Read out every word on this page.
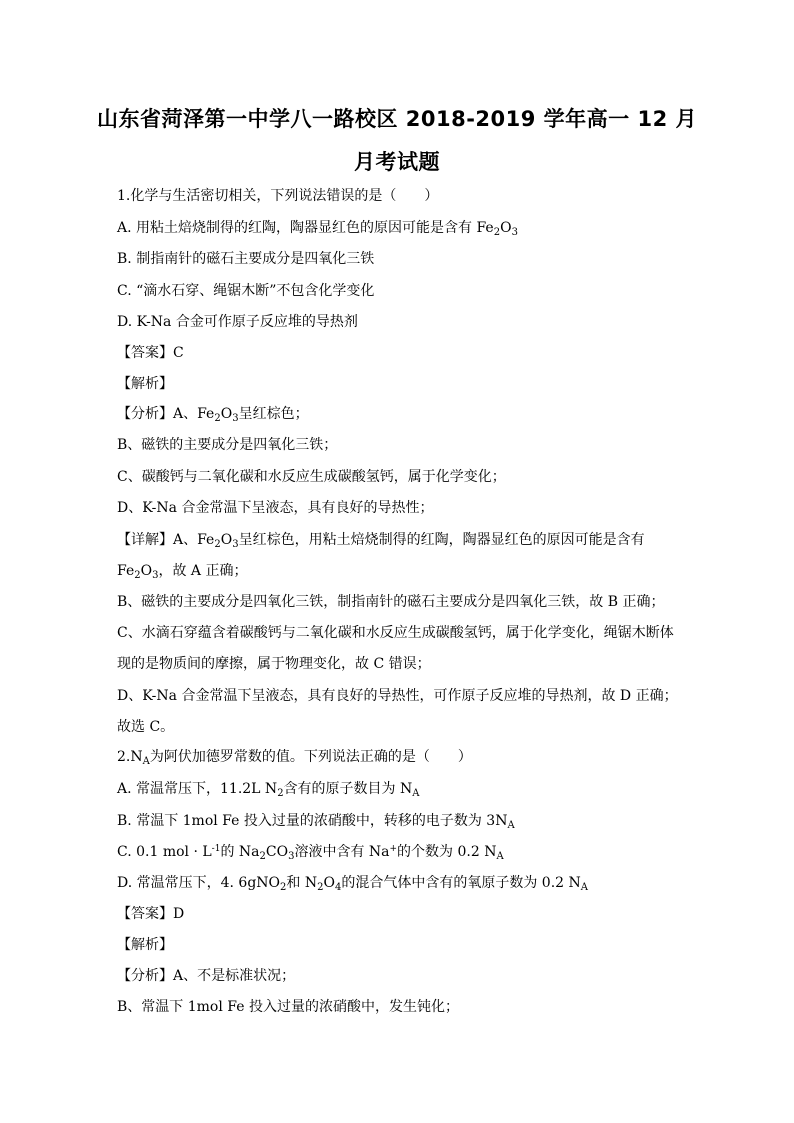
山东省菏泽第一中学八一路校区 2018-2019 学年高一 12 月
月考试题
1.化学与生活密切相关，下列说法错误的是（　　）
A. 用粘土焙烧制得的红陶，陶器显红色的原因可能是含有 $Fe_2O_3$
B. 制指南针的磁石主要成分是四氧化三铁
C. “滴水石穿、绳锯木断”不包含化学变化
D. K-Na 合金可作原子反应堆的导热剂
【答案】C
【解析】
【分析】A、$Fe_2O_3$呈红棕色；
B、磁铁的主要成分是四氧化三铁；
C、碳酸钙与二氧化碳和水反应生成碳酸氢钙，属于化学变化；
D、K-Na 合金常温下呈液态，具有良好的导热性；
【详解】A、$Fe_2O_3$呈红棕色，用粘土焙烧制得的红陶，陶器显红色的原因可能是含有
$Fe_2O_3$，故 A 正确；
B、磁铁的主要成分是四氧化三铁，制指南针的磁石主要成分是四氧化三铁，故 B 正确；
C、水滴石穿蕴含着碳酸钙与二氧化碳和水反应生成碳酸氢钙，属于化学变化，绳锯木断体
现的是物质间的摩擦，属于物理变化，故 C 错误；
D、K-Na 合金常温下呈液态，具有良好的导热性，可作原子反应堆的导热剂，故 D 正确；
故选 C。
$2.N_A$为阿伏加德罗常数的值。下列说法正确的是（　　）
A. 常温常压下，11.2L $N_2$含有的原子数目为 $N_A$
B. 常温下 1mol Fe 投入过量的浓硝酸中，转移的电子数为 $3N_A$
C. 0.1 mol · $L^{-1}$的 $Na_2CO_3$溶液中含有 Na+的个数为 0.2 $N_A$
D. 常温常压下，4. 6gNO$_2$和 $N_2O_4$的混合气体中含有的氧原子数为 0.2 $N_A$
【答案】D
【解析】
【分析】A、不是标准状况；
B、常温下 1mol Fe 投入过量的浓硝酸中，发生钝化；
